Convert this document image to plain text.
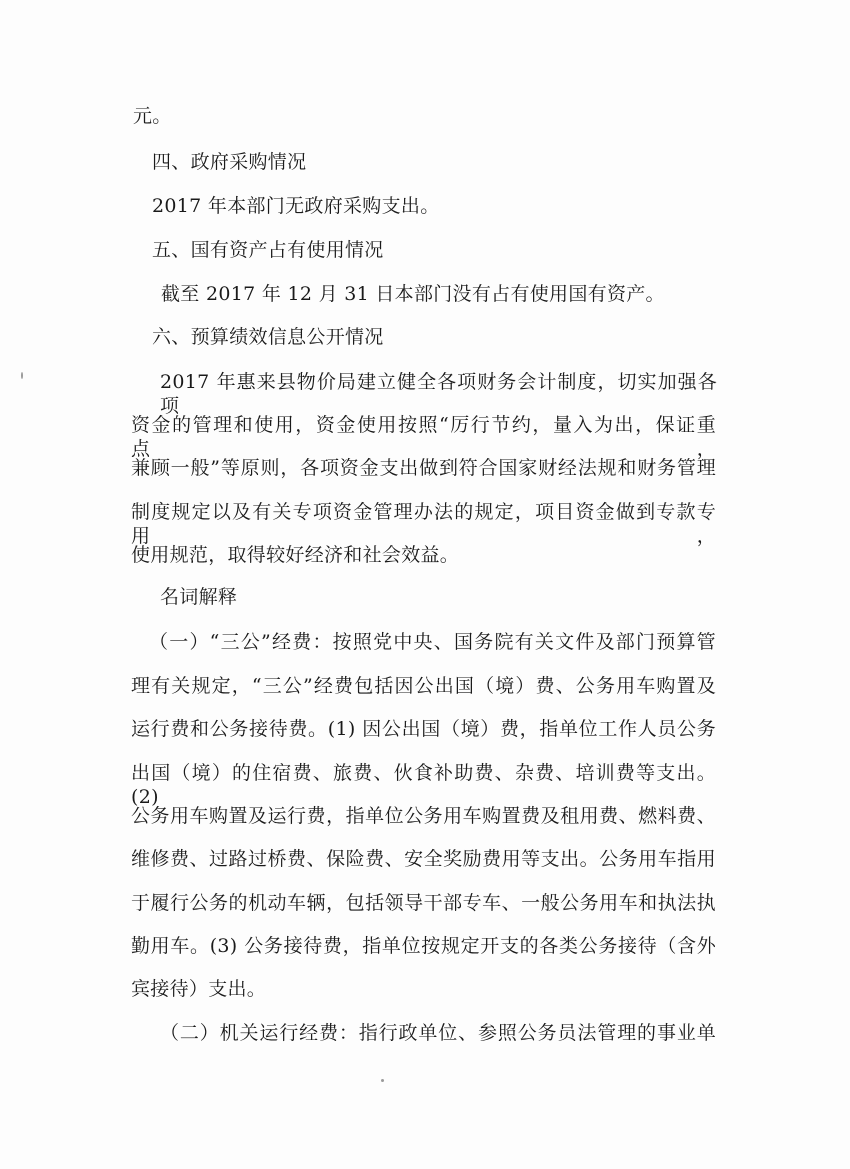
元。
四、政府采购情况
2017 年本部门无政府采购支出。
五、国有资产占有使用情况
截至 2017 年 12 月 31 日本部门没有占有使用国有资产。
六、预算绩效信息公开情况
2017 年惠来县物价局建立健全各项财务会计制度，切实加强各项
资金的管理和使用，资金使用按照“厉行节约，量入为出，保证重点，
兼顾一般”等原则，各项资金支出做到符合国家财经法规和财务管理
制度规定以及有关专项资金管理办法的规定，项目资金做到专款专用，
使用规范，取得较好经济和社会效益。
名词解释
（一）“三公”经费：按照党中央、国务院有关文件及部门预算管
理有关规定，“三公”经费包括因公出国（境）费、公务用车购置及
运行费和公务接待费。(1) 因公出国（境）费，指单位工作人员公务
出国（境）的住宿费、旅费、伙食补助费、杂费、培训费等支出。(2)
公务用车购置及运行费，指单位公务用车购置费及租用费、燃料费、
维修费、过路过桥费、保险费、安全奖励费用等支出。公务用车指用
于履行公务的机动车辆，包括领导干部专车、一般公务用车和执法执
勤用车。(3) 公务接待费，指单位按规定开支的各类公务接待（含外
宾接待）支出。
（二）机关运行经费：指行政单位、参照公务员法管理的事业单
